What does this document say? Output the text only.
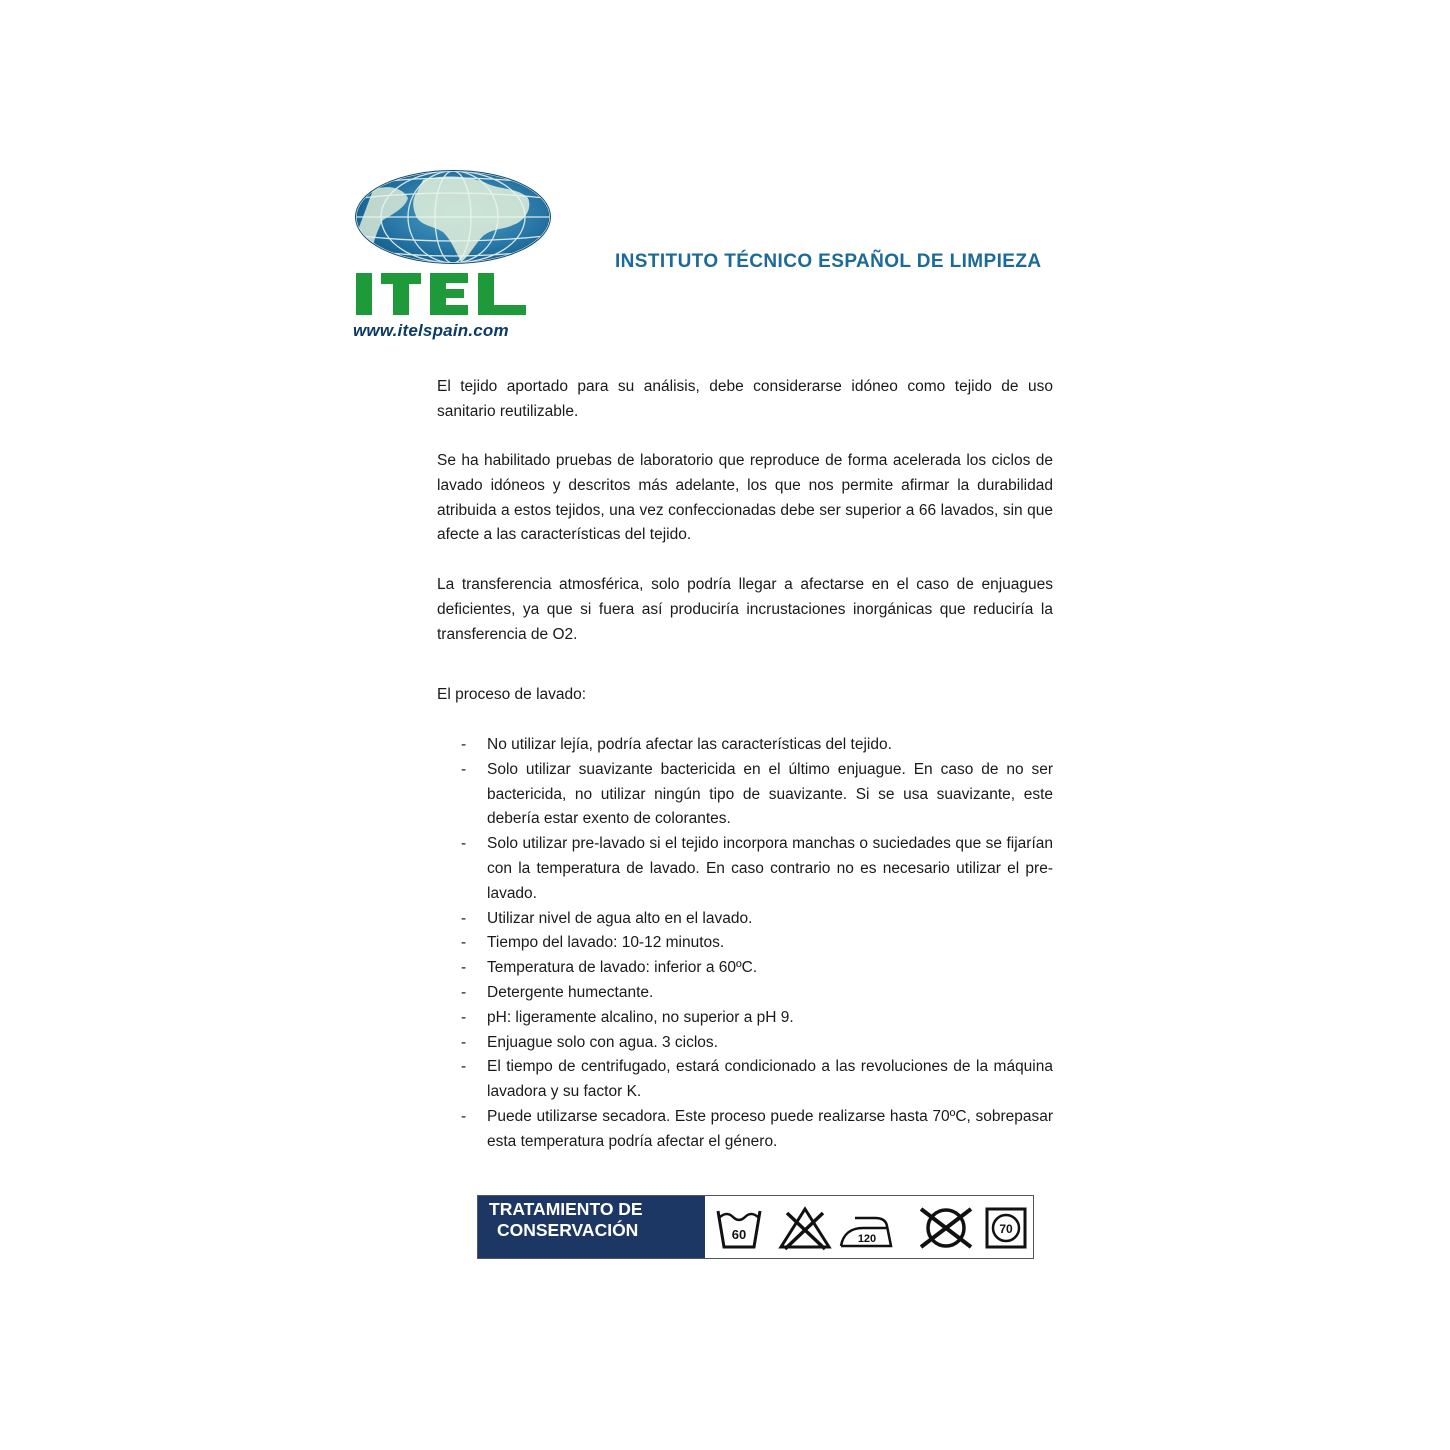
www.itelspain.com
INSTITUTO TÉCNICO ESPAÑOL DE LIMPIEZA

El tejido aportado para su análisis, debe considerarse idóneo como tejido de uso sanitario reutilizable.

Se ha habilitado pruebas de laboratorio que reproduce de forma acelerada los ciclos de lavado idóneos y descritos más adelante, los que nos permite afirmar la durabilidad atribuida a estos tejidos, una vez confeccionadas debe ser superior a 66 lavados, sin que afecte a las características del tejido.

La transferencia atmosférica, solo podría llegar a afectarse en el caso de enjuagues deficientes, ya que si fuera así produciría incrustaciones inorgánicas que reduciría la transferencia de O2.

El proceso de lavado:

- No utilizar lejía, podría afectar las características del tejido.
- Solo utilizar suavizante bactericida en el último enjuague. En caso de no ser bactericida, no utilizar ningún tipo de suavizante. Si se usa suavizante, este debería estar exento de colorantes.
- Solo utilizar pre-lavado si el tejido incorpora manchas o suciedades que se fijarían con la temperatura de lavado. En caso contrario no es necesario utilizar el pre-lavado.
- Utilizar nivel de agua alto en el lavado.
- Tiempo del lavado: 10-12 minutos.
- Temperatura de lavado: inferior a 60ºC.
- Detergente humectante.
- pH: ligeramente alcalino, no superior a pH 9.
- Enjuague solo con agua. 3 ciclos.
- El tiempo de centrifugado, estará condicionado a las revoluciones de la máquina lavadora y su factor K.
- Puede utilizarse secadora. Este proceso puede realizarse hasta 70ºC, sobrepasar esta temperatura podría afectar el género.
TRATAMIENTO DE
CONSERVACIÓN	60	120
70
